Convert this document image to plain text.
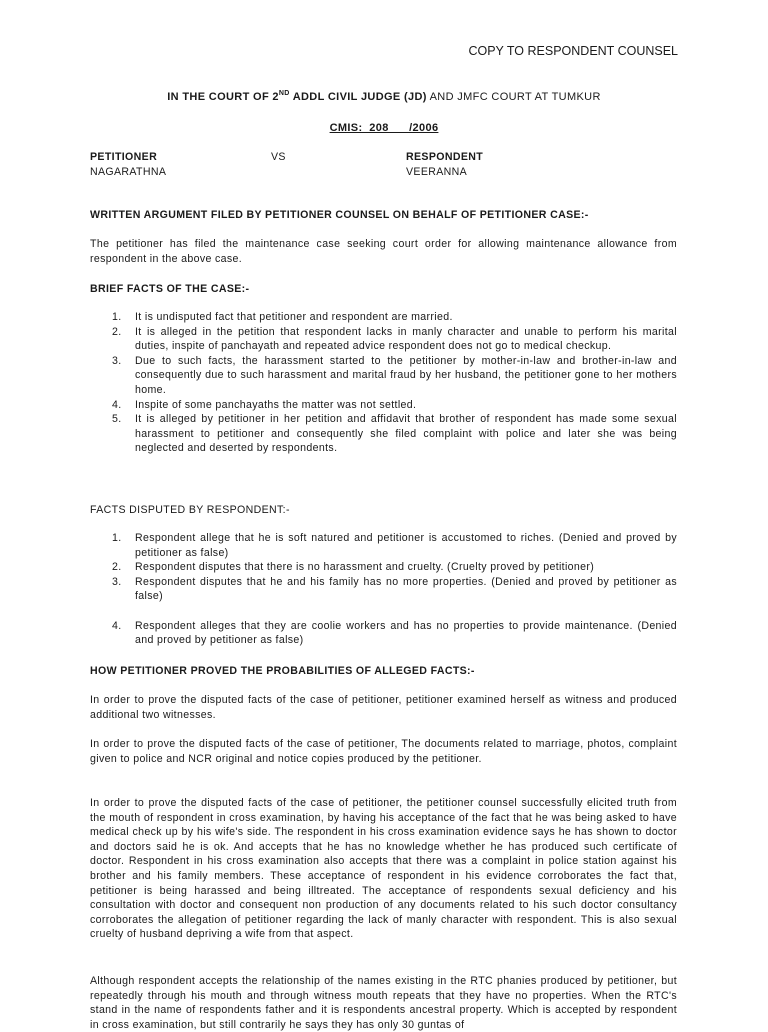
COPY TO RESPONDENT COUNSEL
IN THE COURT OF 2ND ADDL CIVIL JUDGE (JD) AND JMFC COURT AT TUMKUR
CMIS:  208      /2006
PETITIONER
NAGARATHNA
VS	RESPONDENT
VEERANNA
WRITTEN ARGUMENT FILED BY PETITIONER COUNSEL ON BEHALF OF PETITIONER CASE:-
The petitioner has filed the maintenance case seeking court order for allowing maintenance allowance from respondent in the above case.
BRIEF FACTS OF THE CASE:-
1. It is undisputed fact that petitioner and respondent are married.
2. It is alleged in the petition that respondent lacks in manly character and unable to perform his marital duties, inspite of panchayath and repeated advice respondent does not go to medical checkup.
3. Due to such facts, the harassment started to the petitioner by mother-in-law and brother-in-law and consequently due to such harassment and marital fraud by her husband, the petitioner gone to her mothers home.
4. Inspite of some panchayaths the matter was not settled.
5. It is alleged by petitioner in her petition and affidavit that brother of respondent has made some sexual harassment to petitioner and consequently she filed complaint with police and later she was being neglected and deserted by respondents.
FACTS DISPUTED BY RESPONDENT:-
1. Respondent allege that he is soft natured and petitioner is accustomed to riches. (Denied and proved by petitioner as false)
2. Respondent disputes that there is no harassment and cruelty. (Cruelty proved by petitioner)
3. Respondent disputes that he and his family has no more properties. (Denied and proved by petitioner as false)
4. Respondent alleges that they are coolie workers and has no properties to provide maintenance. (Denied and proved by petitioner as false)
HOW PETITIONER PROVED THE PROBABILITIES OF ALLEGED FACTS:-
In order to prove the disputed facts of the case of petitioner, petitioner examined herself as witness and produced additional two witnesses.
In order to prove the disputed facts of the case of petitioner, The documents related to marriage, photos, complaint given to police and NCR original and notice copies produced by the petitioner.
In order to prove the disputed facts of the case of petitioner, the petitioner counsel successfully elicited truth from the mouth of respondent in cross examination, by having his acceptance of the fact that he was being asked to have medical check up by his wife's side. The respondent in his cross examination evidence says he has shown to doctor and doctors said he is ok. And accepts that he has no knowledge whether he has produced such certificate of doctor. Respondent in his cross examination also accepts that there was a complaint in police station against his brother and his family members. These acceptance of respondent in his evidence corroborates the fact that, petitioner is being harassed and being illtreated. The acceptance of respondents sexual deficiency and his consultation with doctor and consequent non production of any documents related to his such doctor consultancy corroborates the allegation of petitioner regarding the lack of manly character with respondent. This is also sexual cruelty of husband depriving a wife from that aspect.
Although respondent accepts the relationship of the names existing in the RTC phanies produced by petitioner, but repeatedly through his mouth and through witness mouth repeats that they have no properties. When the RTC's stand in the name of respondents father and it is respondents ancestral property. Which is accepted by respondent in cross examination, but still contrarily he says they has only 30 guntas of
